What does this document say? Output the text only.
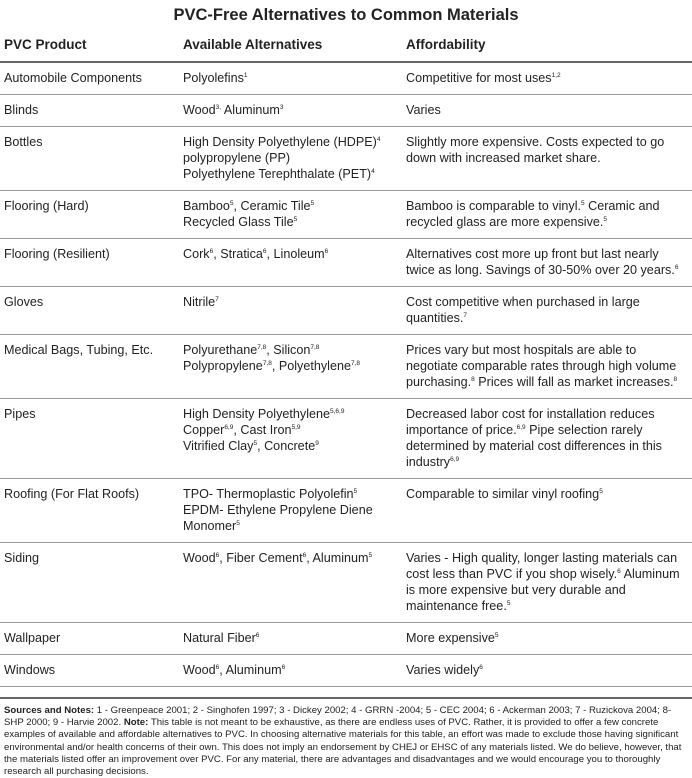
PVC-Free Alternatives to Common Materials
PVC Product	Available Alternatives	Affordability
Automobile Components	Polyolefins$^1$	Competitive for most uses$^{1,2}$

Blinds	Wood$^{3,}$ Aluminum$^3$	Varies

Bottles	High Density Polyethylene (HDPE)$^4$
polypropylene (PP)
Polyethylene Terephthalate (PET)$^4$	Slightly more expensive. Costs expected to go down with increased market share.

Flooring (Hard)	Bamboo$^5$, Ceramic Tile$^5$
Recycled Glass Tile$^5$	Bamboo is comparable to vinyl.$^5$ Ceramic and recycled glass are more expensive.$^5$

Flooring (Resilient)	Cork$^6$, Stratica$^6$, Linoleum$^6$	Alternatives cost more up front but last nearly twice as long. Savings of 30-50% over 20 years.$^6$

Gloves	Nitrile$^7$	Cost competitive when purchased in large quantities.$^7$

Medical Bags, Tubing, Etc.	Polyurethane$^{7,8}$, Silicon$^{7,8}$
Polypropylene$^{7,8}$, Polyethylene$^{7,8}$	Prices vary but most hospitals are able to negotiate comparable rates through high volume purchasing.$^8$ Prices will fall as market increases.$^8$

Pipes	High Density Polyethylene$^{5,6,9}$
Copper$^{6,9}$, Cast Iron$^{5,9}$
Vitrified Clay$^5$, Concrete$^9$	Decreased labor cost for installation reduces importance of price.$^{6,9}$ Pipe selection rarely determined by material cost differences in this industry$^{6,9}$

Roofing (For Flat Roofs)	TPO- Thermoplastic Polyolefin$^5$
EPDM- Ethylene Propylene Diene
Monomer$^5$	Comparable to similar vinyl roofing$^5$

Siding	Wood$^6$, Fiber Cement$^6$, Aluminum$^5$	Varies - High quality, longer lasting materials can cost less than PVC if you shop wisely.$^6$ Aluminum is more expensive but very durable and maintenance free.$^5$

Wallpaper	Natural Fiber$^6$	More expensive$^5$

Windows	Wood$^6$, Aluminum$^6$	Varies widely$^6$
Sources and Notes: 1 - Greenpeace 2001; 2 - Singhofen 1997; 3 - Dickey 2002; 4 - GRRN -2004; 5 - CEC 2004; 6 - Ackerman 2003; 7 - Ruzickova 2004; 8- SHP 2000; 9 - Harvie 2002. Note: This table is not meant to be exhaustive, as there are endless uses of PVC. Rather, it is provided to offer a few concrete examples of available and affordable alternatives to PVC. In choosing alternative materials for this table, an effort was made to exclude those having significant environmental and/or health concerns of their own. This does not imply an endorsement by CHEJ or EHSC of any materials listed. We do believe, however, that the materials listed offer an improvement over PVC. For any material, there are advantages and disadvantages and we would encourage you to thoroughly research all purchasing decisions.
